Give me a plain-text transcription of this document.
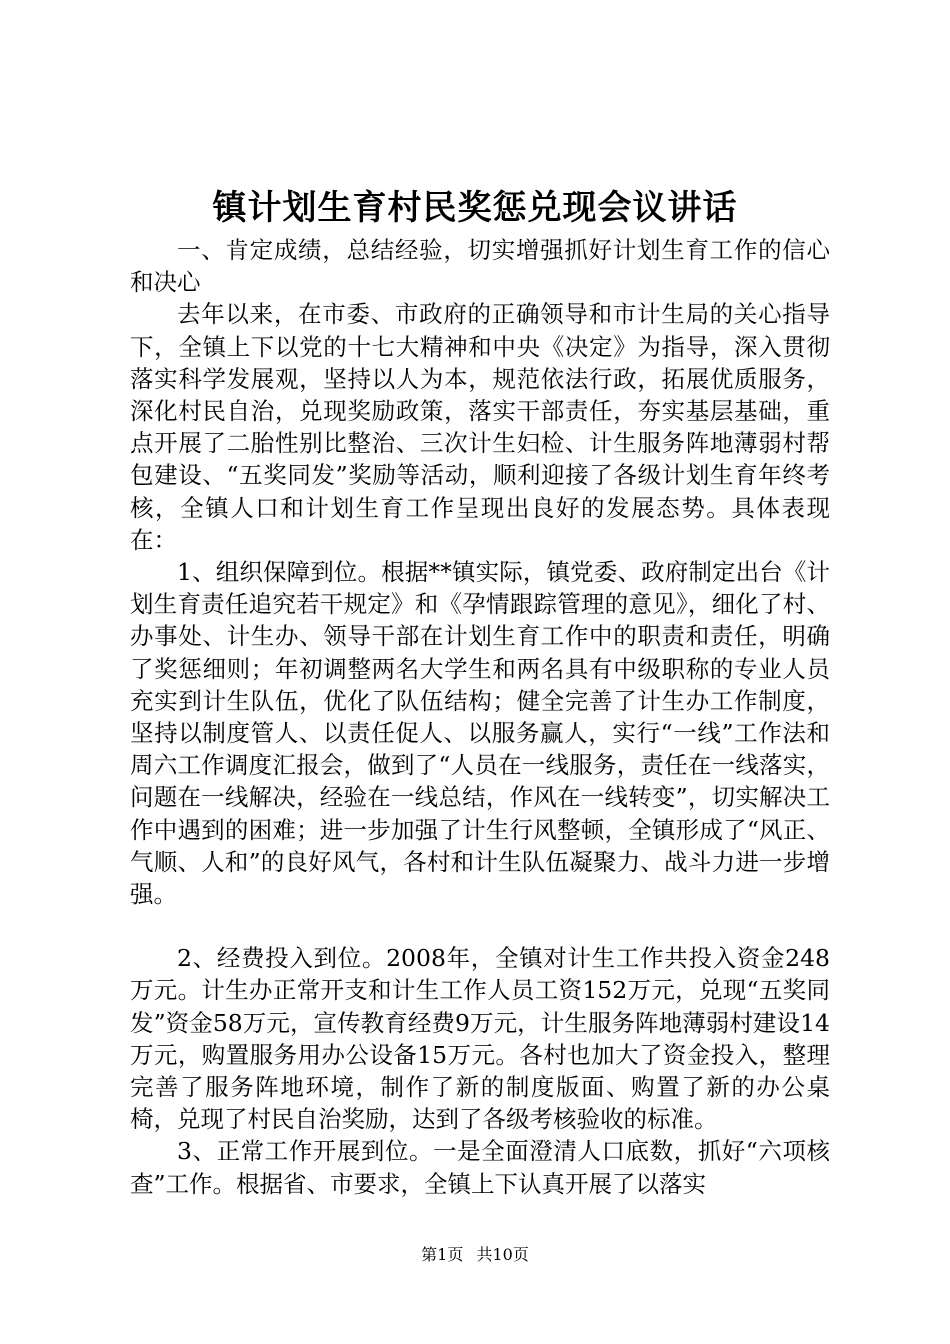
镇计划生育村民奖惩兑现会议讲话

一、肯定成绩，总结经验，切实增强抓好计划生育工作的信心和决心

去年以来，在市委、市政府的正确领导和市计生局的关心指导下，全镇上下以党的十七大精神和中央《决定》为指导，深入贯彻落实科学发展观，坚持以人为本，规范依法行政，拓展优质服务，深化村民自治，兑现奖励政策，落实干部责任，夯实基层基础，重点开展了二胎性别比整治、三次计生妇检、计生服务阵地薄弱村帮包建设、“五奖同发”奖励等活动，顺利迎接了各级计划生育年终考核，全镇人口和计划生育工作呈现出良好的发展态势。具体表现在：

1、组织保障到位。根据**镇实际，镇党委、政府制定出台《计划生育责任追究若干规定》和《孕情跟踪管理的意见》，细化了村、办事处、计生办、领导干部在计划生育工作中的职责和责任，明确了奖惩细则；年初调整两名大学生和两名具有中级职称的专业人员充实到计生队伍，优化了队伍结构；健全完善了计生办工作制度，坚持以制度管人、以责任促人、以服务赢人，实行“一线”工作法和周六工作调度汇报会，做到了“人员在一线服务，责任在一线落实，问题在一线解决，经验在一线总结，作风在一线转变”，切实解决工作中遇到的困难；进一步加强了计生行风整顿，全镇形成了“风正、气顺、人和”的良好风气，各村和计生队伍凝聚力、战斗力进一步增强。

2、经费投入到位。2008年，全镇对计生工作共投入资金248万元。计生办正常开支和计生工作人员工资152万元，兑现“五奖同发”资金58万元，宣传教育经费9万元，计生服务阵地薄弱村建设14万元，购置服务用办公设备15万元。各村也加大了资金投入，整理完善了服务阵地环境，制作了新的制度版面、购置了新的办公桌椅，兑现了村民自治奖励，达到了各级考核验收的标准。

3、正常工作开展到位。一是全面澄清人口底数，抓好“六项核查”工作。根据省、市要求，全镇上下认真开展了以落实

第1页 共10页
